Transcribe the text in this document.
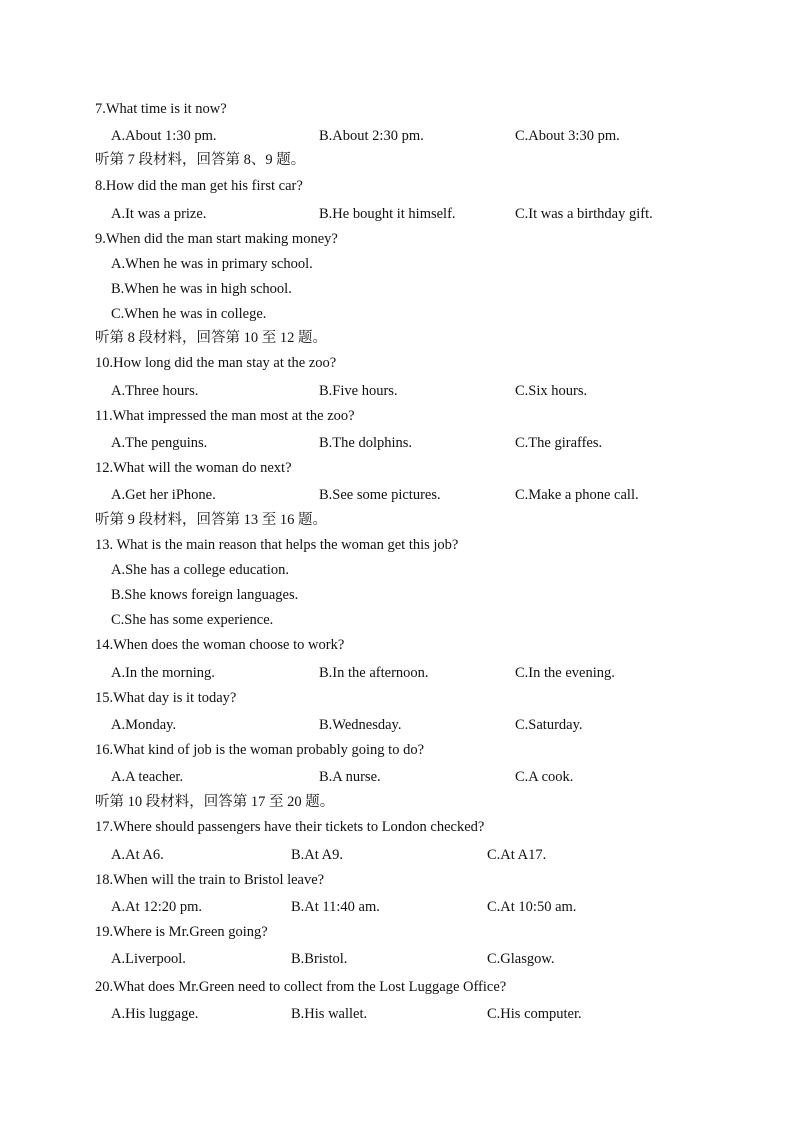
7.What time is it now?
A.About 1:30 pm.	B.About 2:30 pm.	C.About 3:30 pm.
听第 7 段材料，回答第 8、9 题。
8.How did the man get his first car?
A.It was a prize.	B.He bought it himself.	C.It was a birthday gift.
9.When did the man start making money?
A.When he was in primary school.
B.When he was in high school.
C.When he was in college.
听第 8 段材料，回答第 10 至 12 题。
10.How long did the man stay at the zoo?
A.Three hours.	B.Five hours.	C.Six hours.
11.What impressed the man most at the zoo?
A.The penguins.	B.The dolphins.	C.The giraffes.
12.What will the woman do next?
A.Get her iPhone.	B.See some pictures.	C.Make a phone call.
听第 9 段材料，回答第 13 至 16 题。
13. What is the main reason that helps the woman get this job?
A.She has a college education.
B.She knows foreign languages.
C.She has some experience.
14.When does the woman choose to work?
A.In the morning.	B.In the afternoon.	C.In the evening.
15.What day is it today?
A.Monday.	B.Wednesday.	C.Saturday.
16.What kind of job is the woman probably going to do?
A.A teacher.	B.A nurse.	C.A cook.
听第 10 段材料，回答第 17 至 20 题。
17.Where should passengers have their tickets to London checked?
A.At A6.	B.At A9.	C.At A17.
18.When will the train to Bristol leave?
A.At 12:20 pm.	B.At 11:40 am.	C.At 10:50 am.
19.Where is Mr.Green going?
A.Liverpool.	B.Bristol.	C.Glasgow.
20.What does Mr.Green need to collect from the Lost Luggage Office?
A.His luggage.	B.His wallet.	C.His computer.
